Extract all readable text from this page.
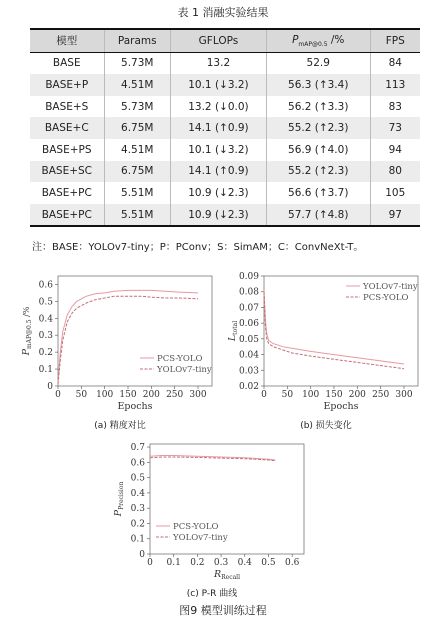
表 1 消融实验结果
模型	Params	GFLOPs	$P_{mAP@0.5}$ /%	FPS
BASE	5.73M	13.2	52.9	84
BASE+P	4.51M	10.1 (↓3.2)	56.3 (↑3.4)	113
BASE+S	5.73M	13.2 (↓0.0)	56.2 (↑3.3)	83
BASE+C	6.75M	14.1 (↑0.9)	55.2 (↑2.3)	73
BASE+PS	4.51M	10.1 (↓3.2)	56.9 (↑4.0)	94
BASE+SC	6.75M	14.1 (↑0.9)	55.2 (↑2.3)	80
BASE+PC	5.51M	10.9 (↓2.3)	56.6 (↑3.7)	105
BASE+PC	5.51M	10.9 (↓2.3)	57.7 (↑4.8)	97
注：BASE：YOLOv7-tiny；P：PConv；S：SimAM；C：ConvNeXt-T。
0 50 100 150 200 250 300
0
0.1
0.2
0.3
0.4
0.5
0.6
Epochs
$P_{mAP@0.5}$ /%
PCS-YOLO
YOLOv7-tiny
(a) 精度对比
0 50 100 150 200 250 300
0.02
0.03
0.04
0.05
0.06
0.07
0.08
0.09
Epochs
$L_{total}$
YOLOv7-tiny
PCS-YOLO
(b) 损失变化
0 0.1 0.2 0.3 0.4 0.5 0.6
0
0.1
0.2
0.3
0.4
0.5
0.6
0.7
$R_{Recall}$
$P_{Precision}$
PCS-YOLO
YOLOv7-tiny
(c) P-R 曲线
图9 模型训练过程
